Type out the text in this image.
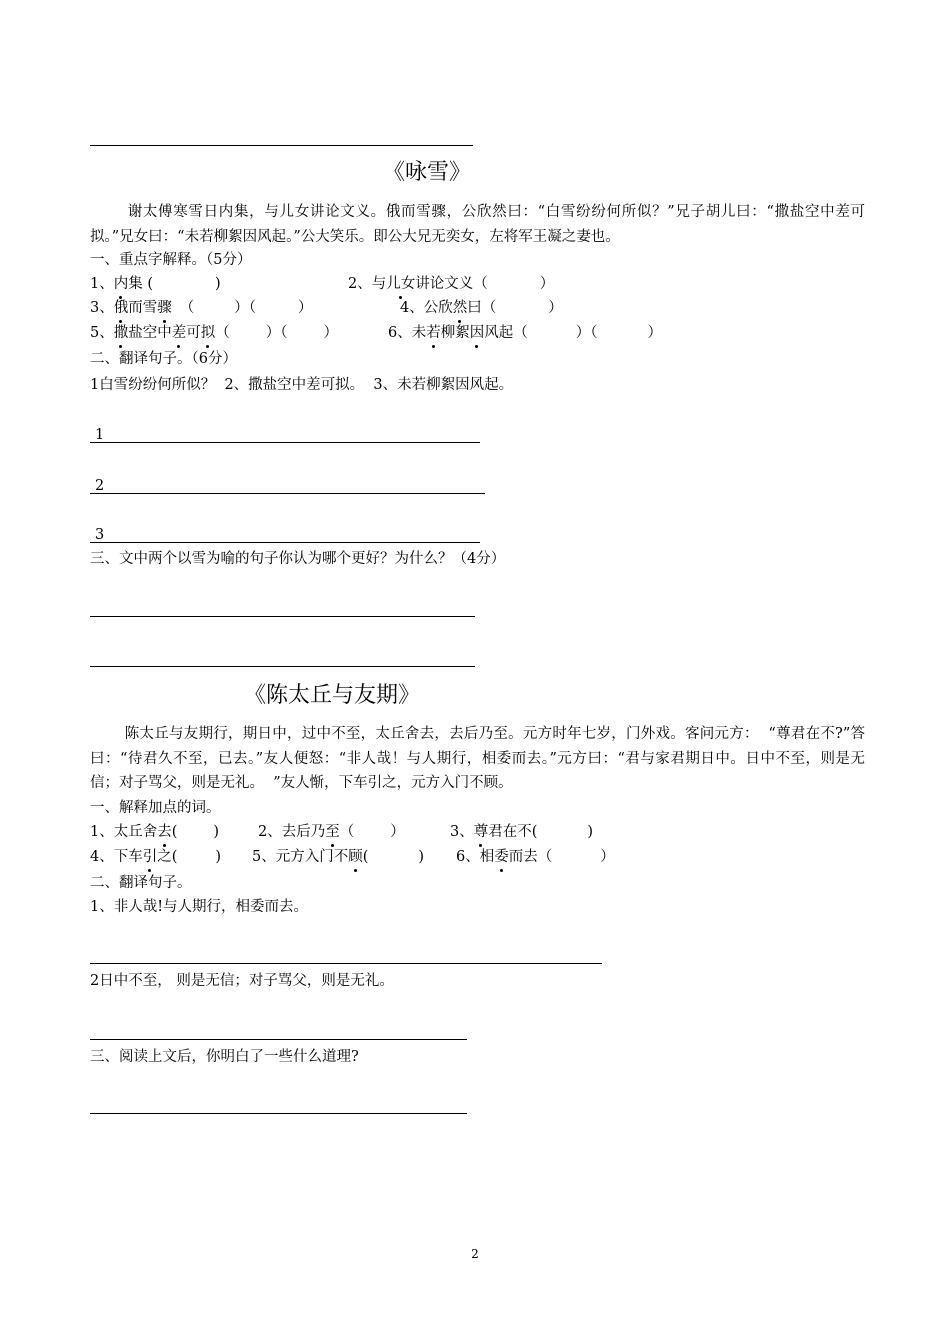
《咏雪》
谢太傅寒雪日内集，与儿女讲论文义。俄而雪骤，公欣然曰：“白雪纷纷何所似？”兄子胡儿曰：“撒盐空中差可拟。”兄女曰：“未若柳絮因风起。”公大笑乐。即公大兄无奕女，左将军王凝之妻也。
一、重点字解释。（5分）
1、内集 (	)	2、与儿女讲论文义（	）
3、俄而雪骤 （	）（	）	4、公欣然曰（	）
5、撒盐空中差可拟（ ）（ ）	6、未若柳絮因风起（	）（	）
二、翻译句子。（6分）
1白雪纷纷何所似？  2、撒盐空中差可拟。  3、未若柳絮因风起。
1
2
3
三、文中两个以雪为喻的句子你认为哪个更好？为什么？（4分）
《陈太丘与友期》
陈太丘与友期行，期日中，过中不至，太丘舍去，去后乃至。元方时年七岁，门外戏。客问元方：  “尊君在不?”答曰：“待君久不至，已去。”友人便怒：“非人哉！与人期行，相委而去。”元方曰：“君与家君期日中。日中不至，则是无信；对子骂父，则是无礼。  ”友人惭，下车引之，元方入门不顾。
一、解释加点的词。
1、太丘舍去( )	2、去后乃至（ ）	3、尊君在不(	)
4、下车引之(	) 5、元方入门不顾(	) 6、相委而去（	）
二、翻译句子。
1、非人哉!与人期行，相委而去。
2日中不至， 则是无信；对子骂父，则是无礼。
三、阅读上文后，你明白了一些什么道理?
2
